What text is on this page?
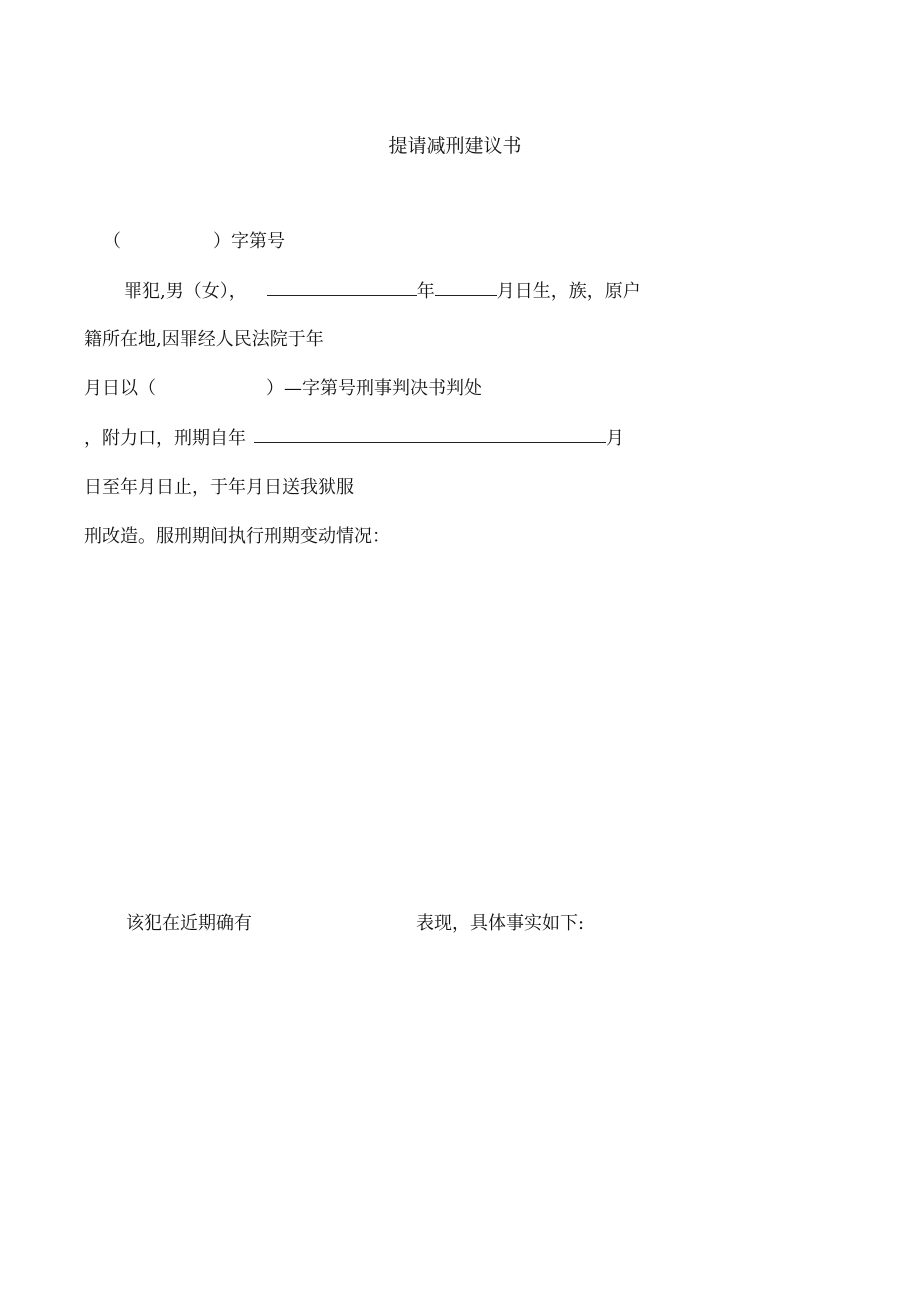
提请减刑建议书
（	）字第号
罪犯,男（女），	年	月日生，族，原户
籍所在地,因罪经人民法院于年
月日以（	）—字第号刑事判决书判处
，附力口，刑期自年	月
日至年月日止，于年月日送我狱服
刑改造。服刑期间执行刑期变动情况：
该犯在近期确有	表现，具体事实如下:
